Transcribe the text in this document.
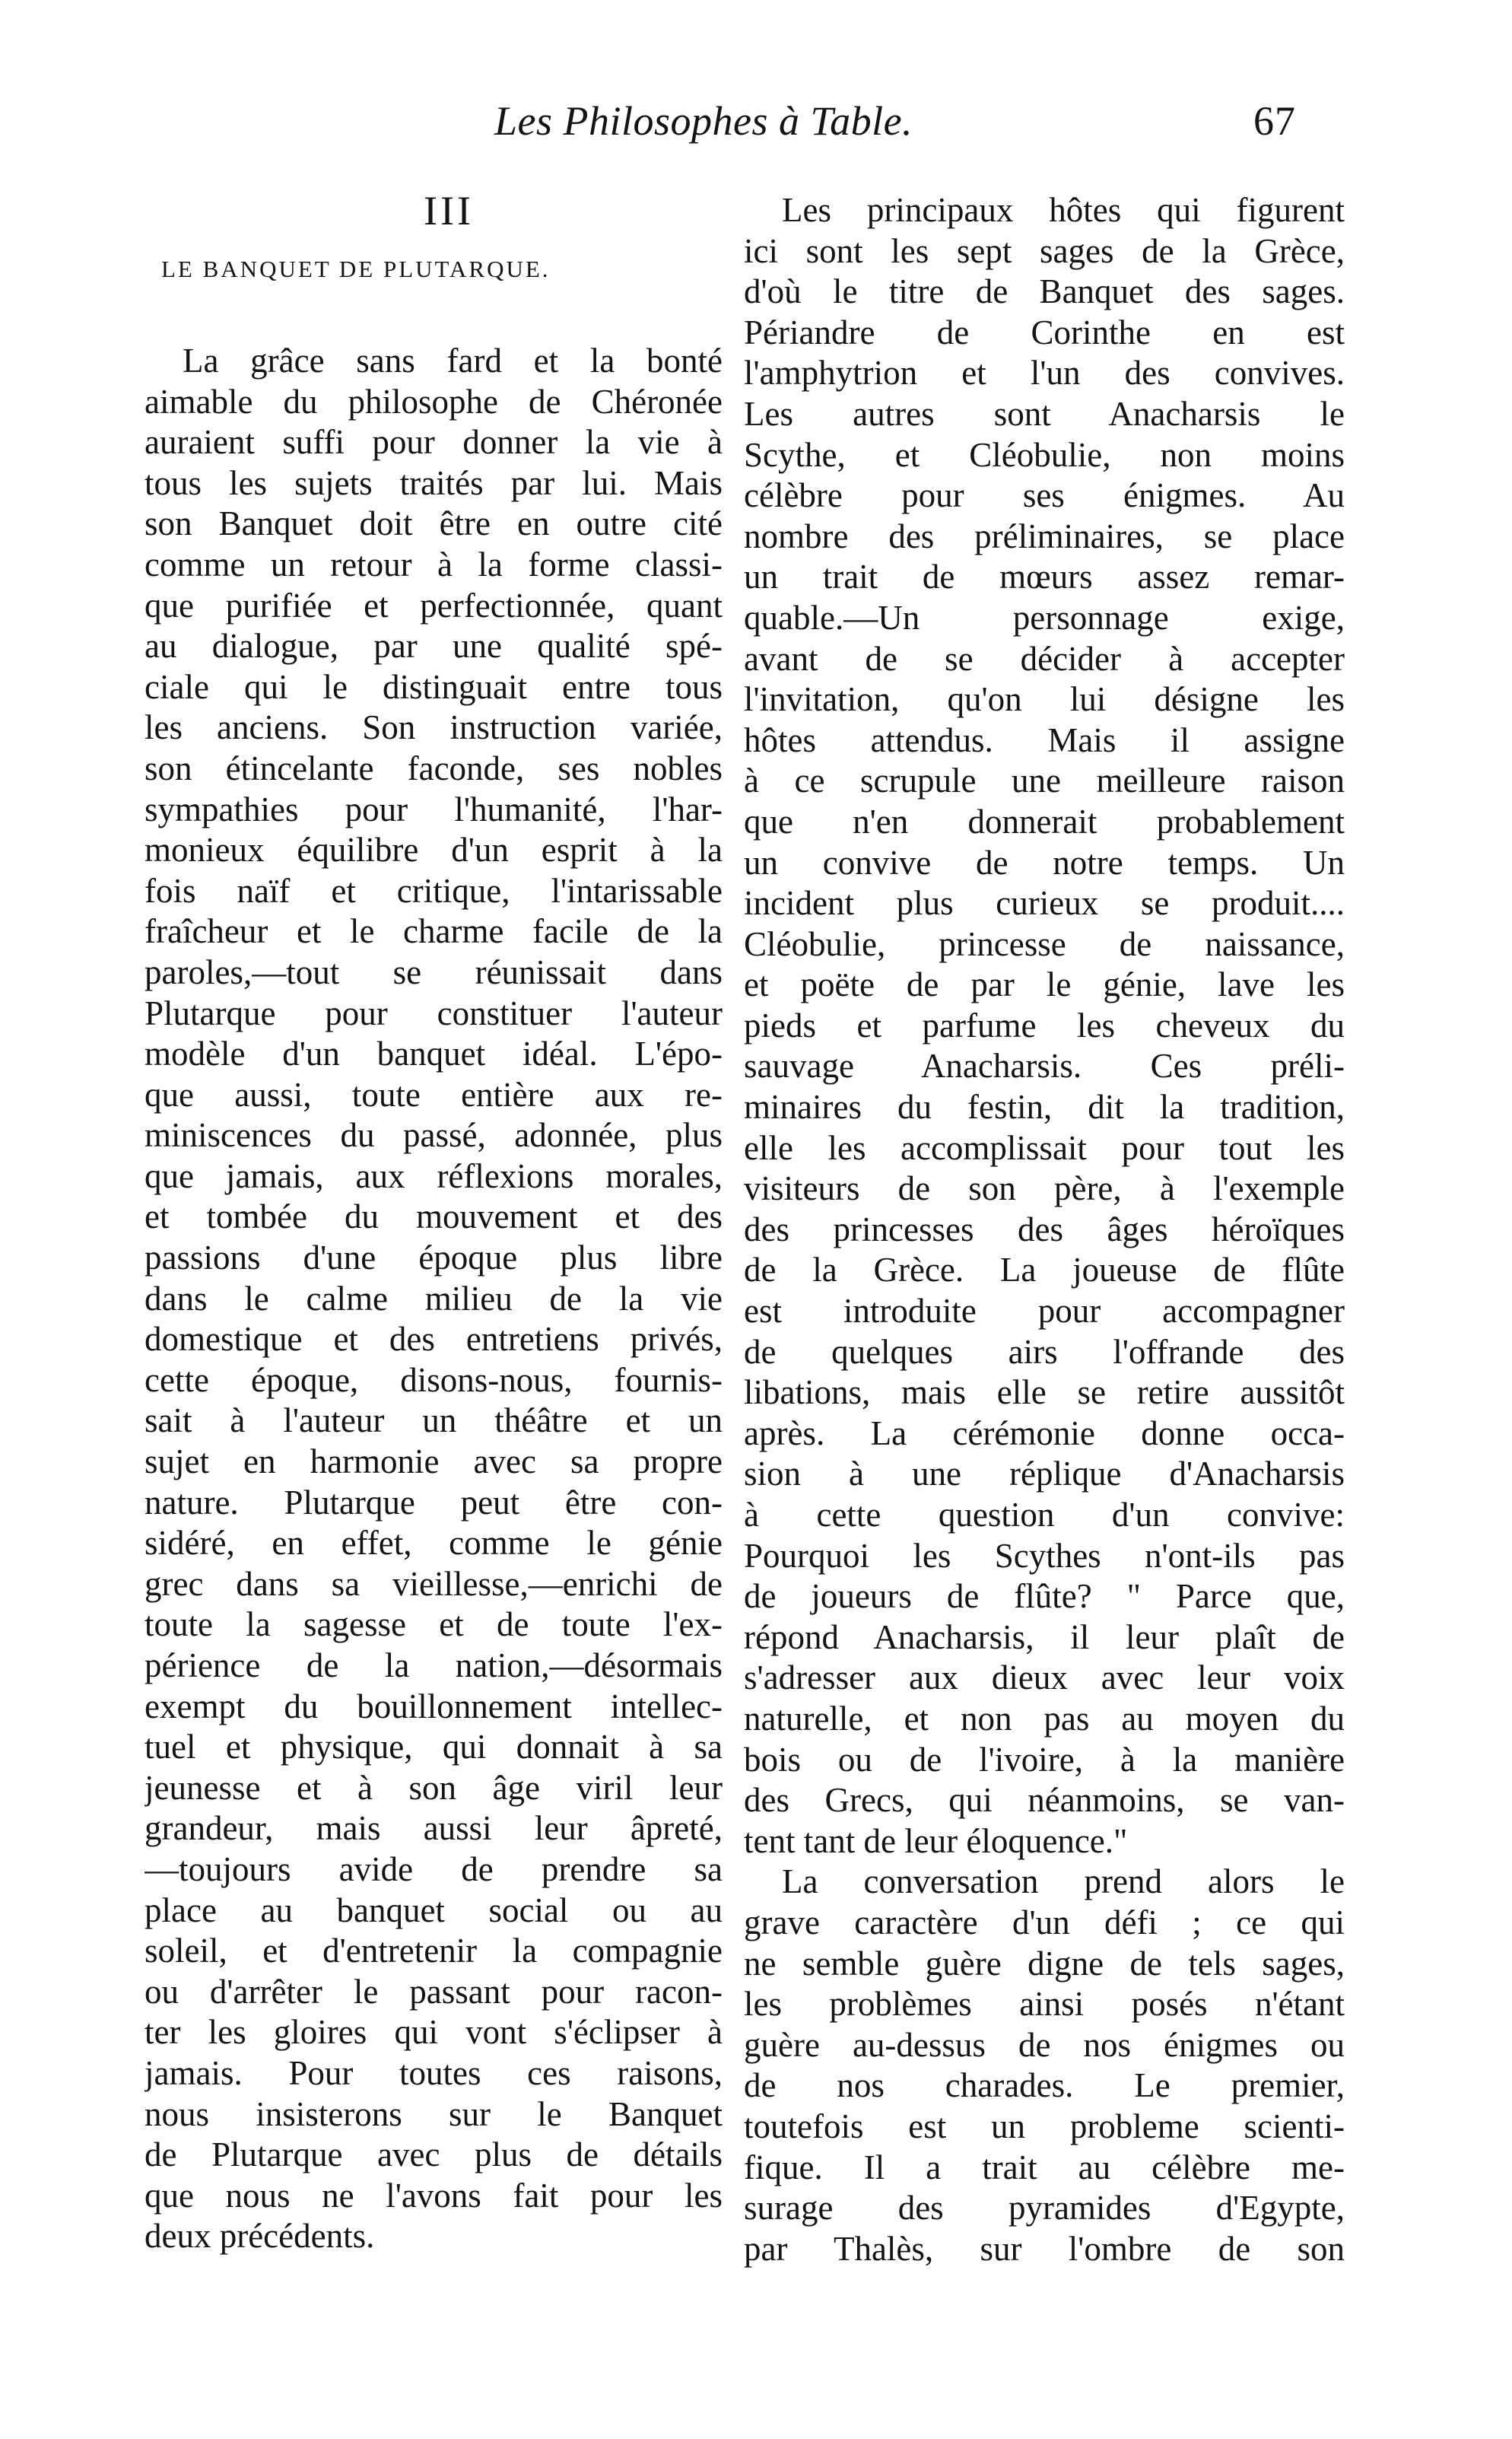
Les Philosophes à Table.	67
III
LE BANQUET DE PLUTARQUE.
La grâce sans fard et la bonté
aimable du philosophe de Chéronée
auraient suffi pour donner la vie à
tous les sujets traités par lui. Mais
son Banquet doit être en outre cité
comme un retour à la forme classi-
que purifiée et perfectionnée, quant
au dialogue, par une qualité spé-
ciale qui le distinguait entre tous
les anciens. Son instruction variée,
son étincelante faconde, ses nobles
sympathies pour l'humanité, l'har-
monieux équilibre d'un esprit à la
fois naïf et critique, l'intarissable
fraîcheur et le charme facile de la
paroles,—tout se réunissait dans
Plutarque pour constituer l'auteur
modèle d'un banquet idéal. L'épo-
que aussi, toute entière aux re-
miniscences du passé, adonnée, plus
que jamais, aux réflexions morales,
et tombée du mouvement et des
passions d'une époque plus libre
dans le calme milieu de la vie
domestique et des entretiens privés,
cette époque, disons-nous, fournis-
sait à l'auteur un théâtre et un
sujet en harmonie avec sa propre
nature. Plutarque peut être con-
sidéré, en effet, comme le génie
grec dans sa vieillesse,—enrichi de
toute la sagesse et de toute l'ex-
périence de la nation,—désormais
exempt du bouillonnement intellec-
tuel et physique, qui donnait à sa
jeunesse et à son âge viril leur
grandeur, mais aussi leur âpreté,
—toujours avide de prendre sa
place au banquet social ou au
soleil, et d'entretenir la compagnie
ou d'arrêter le passant pour racon-
ter les gloires qui vont s'éclipser à
jamais. Pour toutes ces raisons,
nous insisterons sur le Banquet
de Plutarque avec plus de détails
que nous ne l'avons fait pour les
deux précédents.
Les principaux hôtes qui figurent
ici sont les sept sages de la Grèce,
d'où le titre de Banquet des sages.
Périandre de Corinthe en est
l'amphytrion et l'un des convives.
Les autres sont Anacharsis le
Scythe, et Cléobulie, non moins
célèbre pour ses énigmes. Au
nombre des préliminaires, se place
un trait de mœurs assez remar-
quable.—Un personnage exige,
avant de se décider à accepter
l'invitation, qu'on lui désigne les
hôtes attendus. Mais il assigne
à ce scrupule une meilleure raison
que n'en donnerait probablement
un convive de notre temps. Un
incident plus curieux se produit....
Cléobulie, princesse de naissance,
et poëte de par le génie, lave les
pieds et parfume les cheveux du
sauvage Anacharsis. Ces préli-
minaires du festin, dit la tradition,
elle les accomplissait pour tout les
visiteurs de son père, à l'exemple
des princesses des âges héroïques
de la Grèce. La joueuse de flûte
est introduite pour accompagner
de quelques airs l'offrande des
libations, mais elle se retire aussitôt
après. La cérémonie donne occa-
sion à une réplique d'Anacharsis
à cette question d'un convive:
Pourquoi les Scythes n'ont-ils pas
de joueurs de flûte? " Parce que,
répond Anacharsis, il leur plaît de
s'adresser aux dieux avec leur voix
naturelle, et non pas au moyen du
bois ou de l'ivoire, à la manière
des Grecs, qui néanmoins, se van-
tent tant de leur éloquence."
La conversation prend alors le
grave caractère d'un défi ; ce qui
ne semble guère digne de tels sages,
les problèmes ainsi posés n'étant
guère au-dessus de nos énigmes ou
de nos charades. Le premier,
toutefois est un probleme scienti-
fique. Il a trait au célèbre me-
surage des pyramides d'Egypte,
par Thalès, sur l'ombre de son
